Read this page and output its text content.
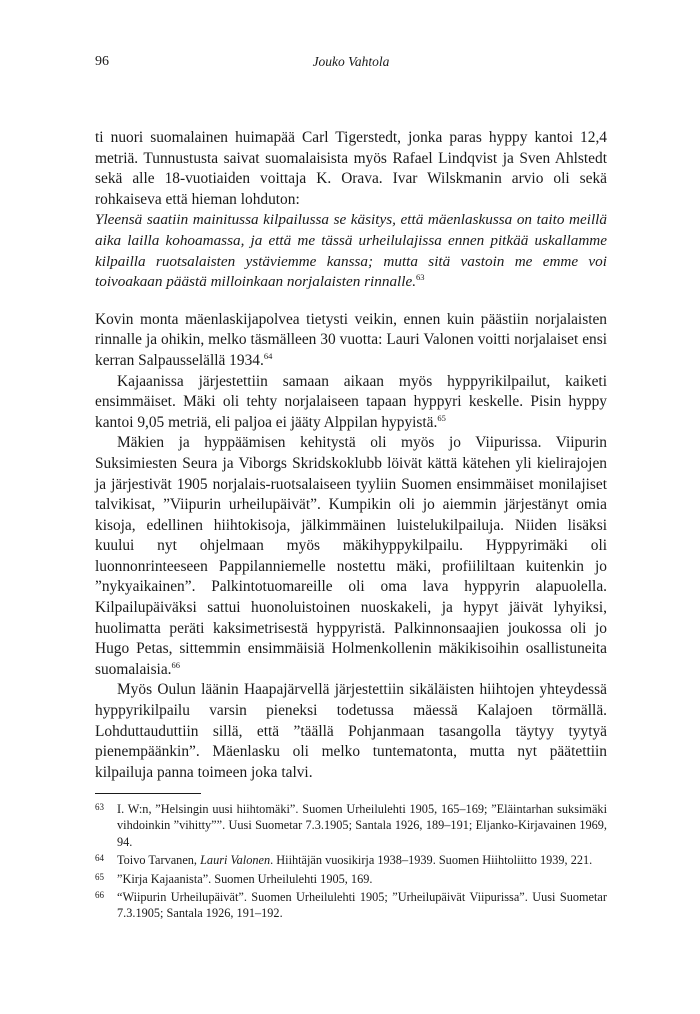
96	Jouko Vahtola

ti nuori suomalainen huimapää Carl Tigerstedt, jonka paras hyppy kantoi 12,4 metriä. Tunnustusta saivat suomalaisista myös Rafael Lindqvist ja Sven Ahlstedt sekä alle 18-vuotiaiden voittaja K. Orava. Ivar Wilskmanin arvio oli sekä rohkaiseva että hieman lohduton:

Yleensä saatiin mainitussa kilpailussa se käsitys, että mäenlaskussa on taito meillä aika lailla kohoamassa, ja että me tässä urheilulajissa ennen pitkää uskallamme kilpailla ruotsalaisten ystäviemme kanssa; mutta sitä vastoin me emme voi toivoakaan päästä milloinkaan norjalaisten rinnalle.$^{63}$

Kovin monta mäenlaskijapolvea tietysti veikin, ennen kuin päästiin norjalaisten rinnalle ja ohikin, melko täsmälleen 30 vuotta: Lauri Valonen voitti norjalaiset ensi kerran Salpausselällä 1934.64

Kajaanissa järjestettiin samaan aikaan myös hyppyrikilpailut, kaiketi ensimmäiset. Mäki oli tehty norjalaiseen tapaan hyppyri keskelle. Pisin hyppy kantoi 9,05 metriä, eli paljoa ei jääty Alppilan hypyistä.$^{65}$

Mäkien ja hyppäämisen kehitystä oli myös jo Viipurissa. Viipurin Suksimiesten Seura ja Viborgs Skridskoklubb löivät kättä kätehen yli kielirajojen ja järjestivät 1905 norjalais-ruotsalaiseen tyyliin Suomen ensimmäiset monilajiset talvikisat, ”Viipurin urheilupäivät”. Kumpikin oli jo aiemmin järjestänyt omia kisoja, edellinen hiihtokisoja, jälkimmäinen luistelukilpailuja. Niiden lisäksi kuului nyt ohjelmaan myös mäkihyppykilpailu. Hyppyrimäki oli luonnonrinteeseen Pappilanniemelle nostettu mäki, profiililtaan kuitenkin jo ”nykyaikainen”. Palkintotuomareille oli oma lava hyppyrin alapuolella. Kilpailupäiväksi sattui huonoluistoinen nuoskakeli, ja hypyt jäivät lyhyiksi, huolimatta peräti kaksimetrisestä hyppyristä. Palkinnonsaajien joukossa oli jo Hugo Petas, sittemmin ensimmäisiä Holmenkollenin mäkikisoihin osallistuneita suomalaisia.$^{66}$

Myös Oulun läänin Haapajärvellä järjestettiin sikäläisten hiihtojen yhteydessä hyppyrikilpailu varsin pieneksi todetussa mäessä Kalajoen törmällä. Lohduttauduttiin sillä, että ”täällä Pohjanmaan tasangolla täytyy tyytyä pienempäänkin”. Mäenlasku oli melko tuntematonta, mutta nyt päätettiin kilpailuja panna toimeen joka talvi.

63 I. W:n, ”Helsingin uusi hiihtomäki”. Suomen Urheilulehti 1905, 165–169; ”Eläintarhan suksimäki vihdoinkin ”vihitty””. Uusi Suometar 7.3.1905; Santala 1926, 189–191; Eljanko-Kirjavainen 1969, 94.
64 Toivo Tarvanen, Lauri Valonen. Hiihtäjän vuosikirja 1938–1939. Suomen Hiihtoliitto 1939, 221.
65 ”Kirja Kajaanista”. Suomen Urheilulehti 1905, 169.
66 “Wiipurin Urheilupäivät”. Suomen Urheilulehti 1905; ”Urheilupäivät Viipurissa”. Uusi Suometar 7.3.1905; Santala 1926, 191–192.
